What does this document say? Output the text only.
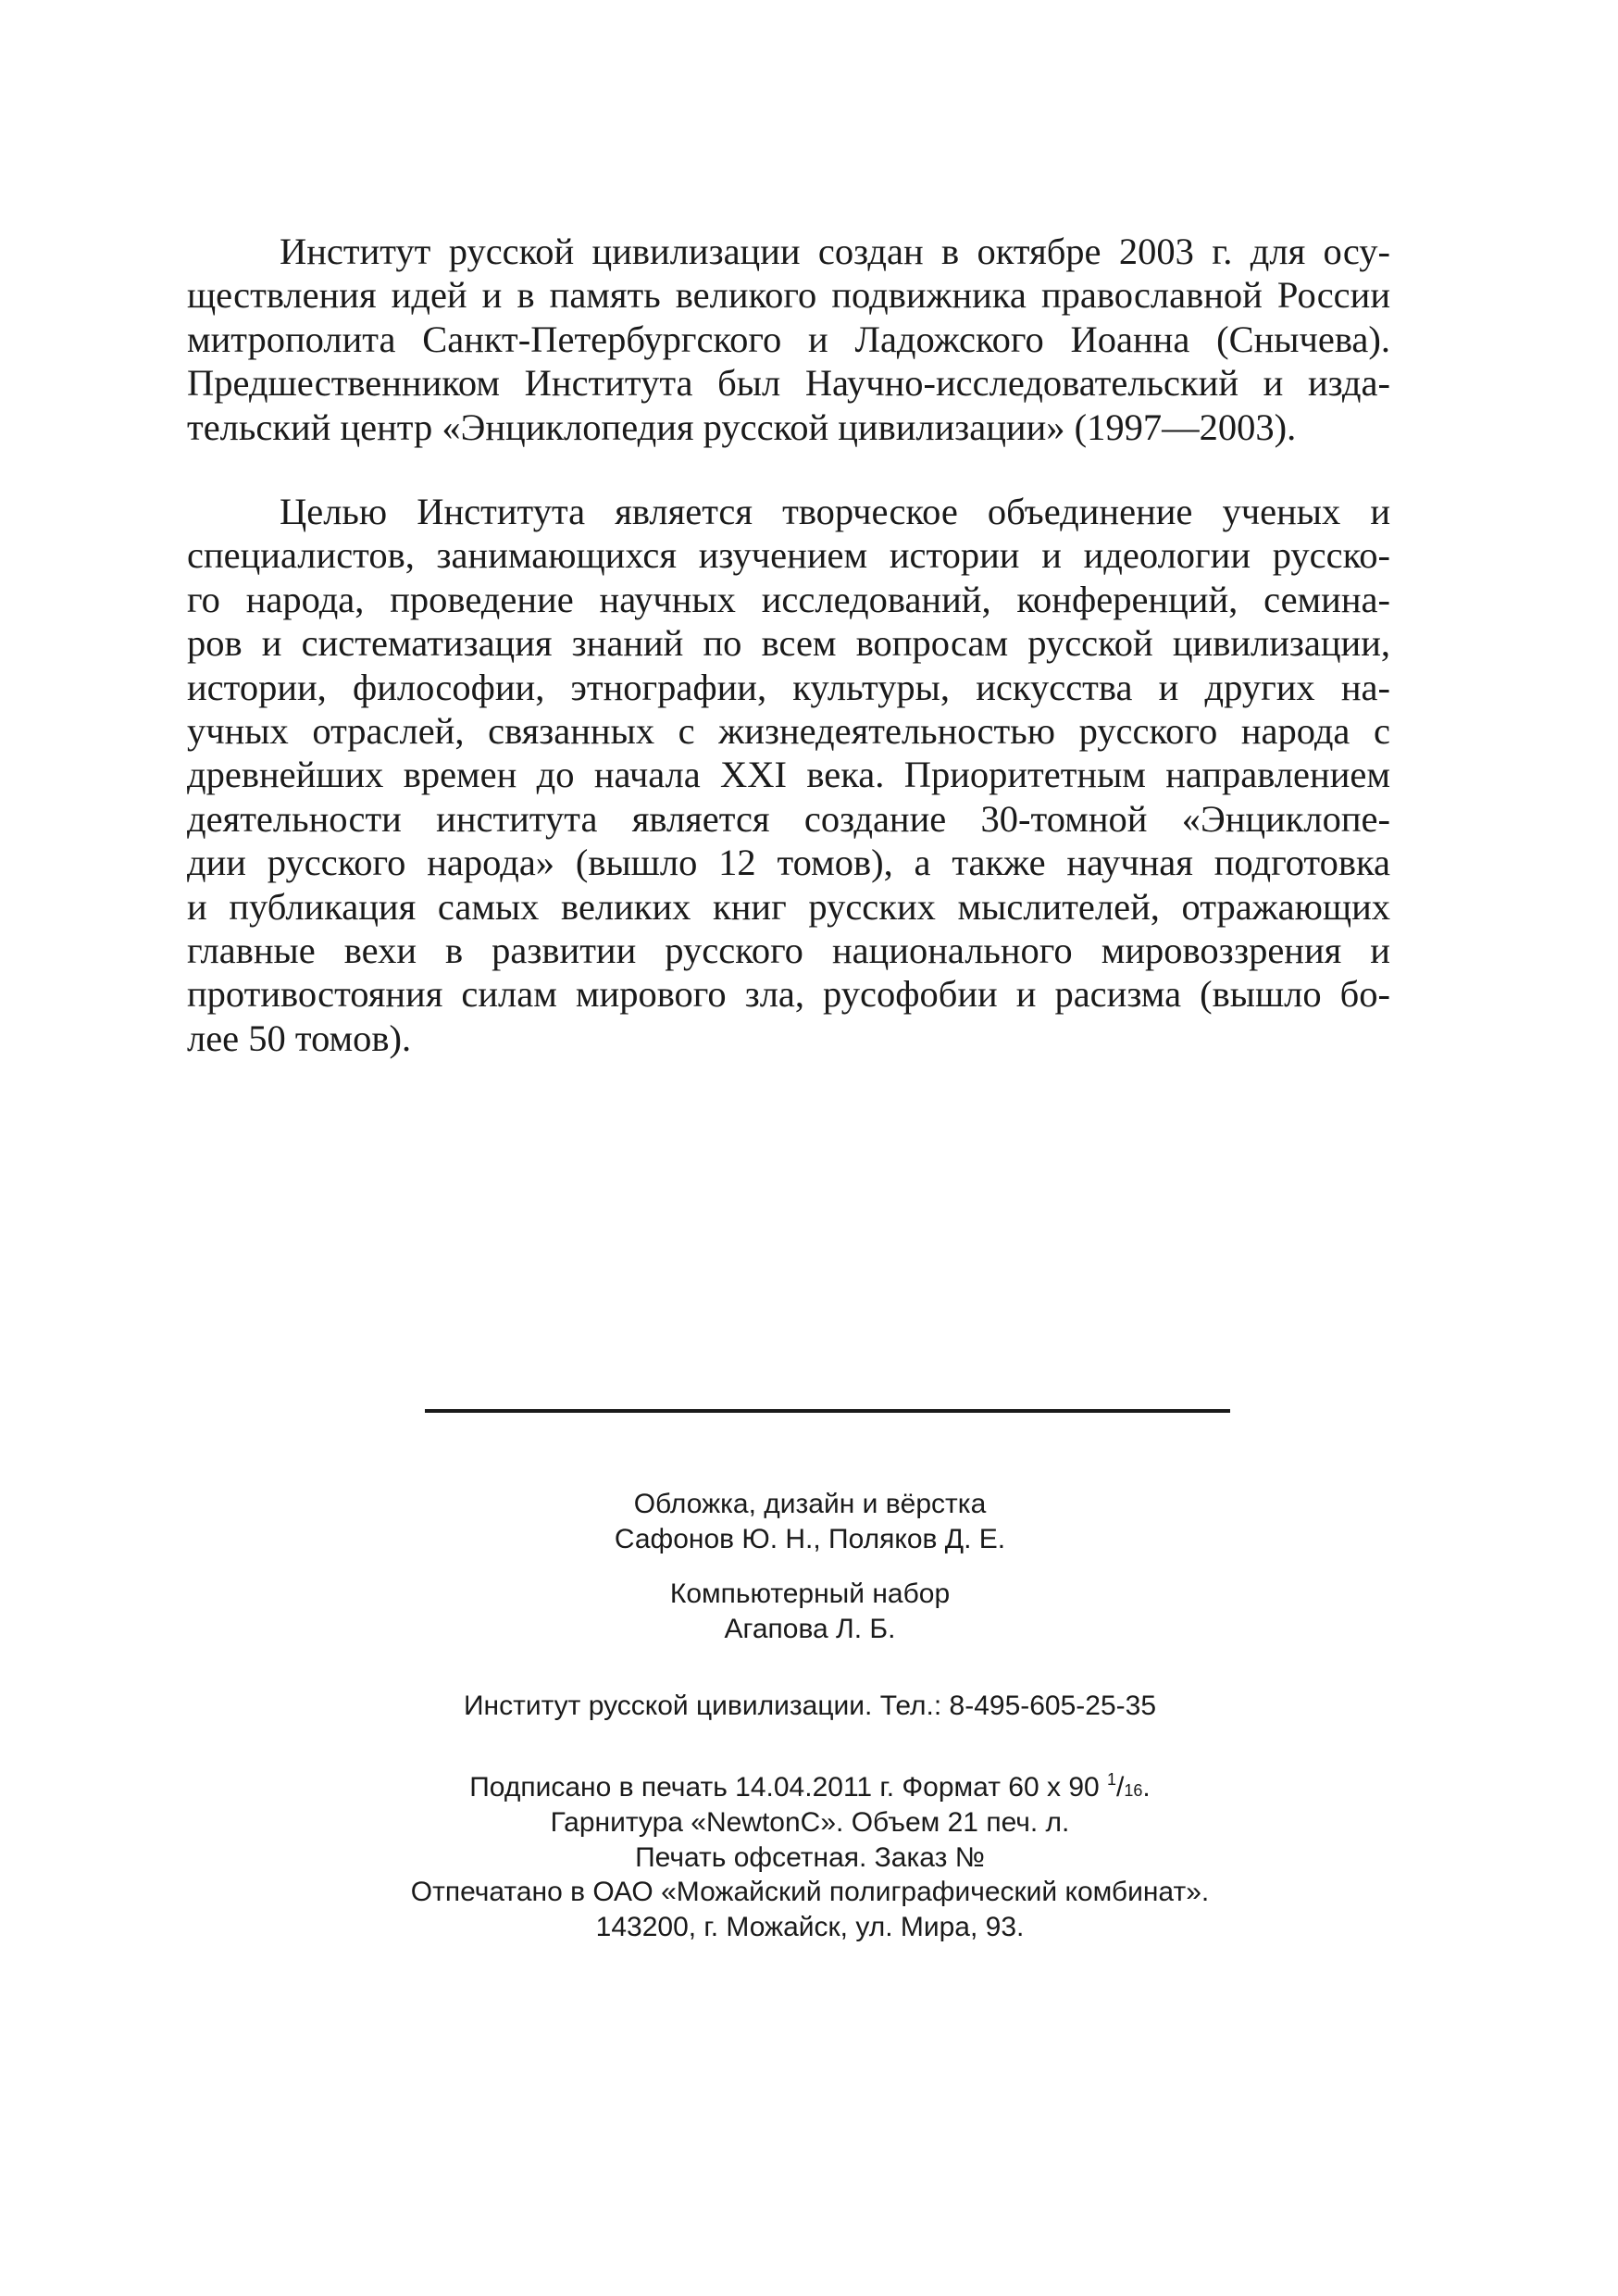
Институт русской цивилизации создан в октябре 2003 г. для осу-
ществления идей и в память великого подвижника православной России
митрополита Санкт-Петербургского и Ладожского Иоанна (Снычева).
Предшественником Института был Научно-исследовательский и изда-
тельский центр «Энциклопедия русской цивилизации» (1997—2003).
Целью Института является творческое объединение ученых и
специалистов, занимающихся изучением истории и идеологии русско-
го народа, проведение научных исследований, конференций, семина-
ров и систематизация знаний по всем вопросам русской цивилизации,
истории, философии, этнографии, культуры, искусства и других на-
учных отраслей, связанных с жизнедеятельностью русского народа с
древнейших времен до начала XXI века. Приоритетным направлением
деятельности института является создание 30-томной «Энциклопе-
дии русского народа» (вышло 12 томов), а также научная подготовка
и публикация самых великих книг русских мыслителей, отражающих
главные вехи в развитии русского национального мировоззрения и
противостояния силам мирового зла, русофобии и расизма (вышло бо-
лее 50 томов).
Обложка, дизайн и вёрстка
Сафонов Ю. Н., Поляков Д. Е.
Компьютерный набор
Агапова Л. Б.
Институт русской цивилизации. Тел.: 8-495-605-25-35
Подписано в печать 14.04.2011 г. Формат 60 х 90 $^1$/16.
Гарнитура «NewtonC». Объем 21 печ. л.
Печать офсетная. Заказ №
Отпечатано в ОАО «Можайский полиграфический комбинат».
143200, г. Можайск, ул. Мира, 93.
